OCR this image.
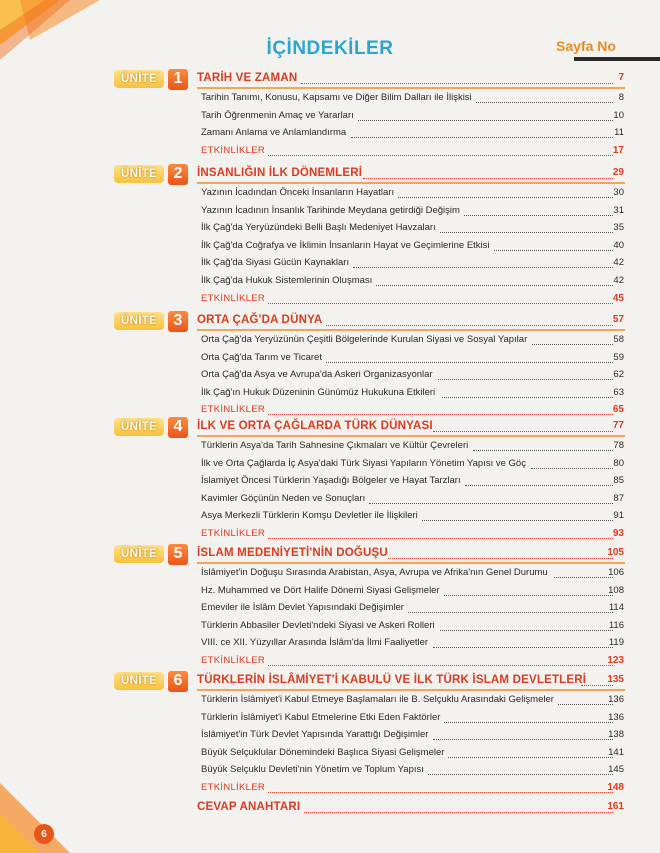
İÇİNDEKİLER	Sayfa No
ÜNİTE	1	TARİH VE ZAMAN	7
Tarihin Tanımı, Konusu, Kapsamı ve Diğer Bilim Dalları ile İlişkisi	8
Tarih Öğrenmenin Amaç ve Yararları	10
Zamanı Anlama ve Anlamlandırma	11
ETKİNLİKLER	17
ÜNİTE	2	İNSANLIĞIN İLK DÖNEMLERİ	29
Yazının İcadından Önceki İnsanların Hayatları	30
Yazının İcadının İnsanlık Tarihinde Meydana getirdiği Değişim	31
İlk Çağ'da Yeryüzündeki Belli Başlı Medeniyet Havzaları	35
İlk Çağ'da Coğrafya ve İklimin İnsanların Hayat ve Geçimlerine Etkisi	40
İlk Çağ'da Siyasi Gücün Kaynakları	42
İlk Çağ'da Hukuk Sistemlerinin Oluşması	42
ETKİNLİKLER	45
ÜNİTE	3	ORTA ÇAĞ'DA DÜNYA	57
Orta Çağ'da Yeryüzünün Çeşitli Bölgelerinde Kurulan Siyasi ve Sosyal Yapılar	58
Orta Çağ'da Tarım ve Ticaret	59
Orta Çağ'da Asya ve Avrupa'da Askeri Organizasyonlar	62
İlk Çağ'ın Hukuk Düzeninin Günümüz Hukukuna Etkileri	63
ETKİNLİKLER	65
ÜNİTE	4	İLK VE ORTA ÇAĞLARDA TÜRK DÜNYASI	77
Türklerin Asya'da Tarih Sahnesine Çıkmaları ve Kültür Çevreleri	78
İlk ve Orta Çağlarda İç Asya'daki Türk Siyasi Yapıların Yönetim Yapısı ve Göç	80
İslamiyet Öncesi Türklerin Yaşadığı Bölgeler ve Hayat Tarzları	85
Kavimler Göçünün Neden ve Sonuçları	87
Asya Merkezli Türklerin Komşu Devletler ile İlişkileri	91
ETKİNLİKLER	93
ÜNİTE	5	İSLAM MEDENİYETİ'NİN DOĞUŞU	105
İslâmiyet'in Doğuşu Sırasında Arabistan, Asya, Avrupa ve Afrika'nın Genel Durumu	106
Hz. Muhammed ve Dört Halife Dönemi Siyasi Gelişmeler	108
Emeviler ile İslâm Devlet Yapısındaki Değişimler	114
Türklerin Abbasiler Devleti'ndeki Siyasi ve Askeri Rolleri	116
VIII. ce XII. Yüzyıllar Arasında İslâm'da İlmi Faaliyetler	119
ETKİNLİKLER	123
ÜNİTE	6	TÜRKLERİN İSLÂMİYET'İ KABULÜ VE İLK TÜRK İSLAM DEVLETLERİ	135
Türklerin İslâmiyet'i Kabul Etmeye Başlamaları ile B. Selçuklu Arasındaki Gelişmeler	136
Türklerin İslâmiyet'i Kabul Etmelerine Etki Eden Faktörler	136
İslâmiyet'in Türk Devlet Yapısında Yarattığı Değişimler	138
Büyük Selçuklular Dönemindeki Başlıca Siyasi Gelişmeler	141
Büyük Selçuklu Devleti'nin Yönetim ve Toplum Yapısı	145
ETKİNLİKLER	148
CEVAP ANAHTARI	161
6
